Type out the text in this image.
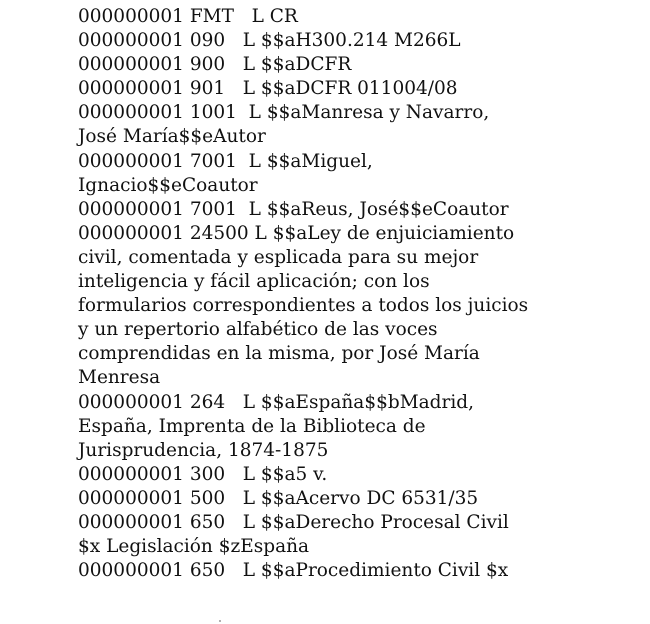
000000001 FMT   L CR
000000001 090   L $$aH300.214 M266L
000000001 900   L $$aDCFR
000000001 901   L $$aDCFR 011004/08
000000001 1001  L $$aManresa y Navarro,
José María$$eAutor
000000001 7001  L $$aMiguel,
Ignacio$$eCoautor
000000001 7001  L $$aReus, José$$eCoautor
000000001 24500 L $$aLey de enjuiciamiento
civil, comentada y esplicada para su mejor
inteligencia y fácil aplicación; con los
formularios correspondientes a todos los juicios
y un repertorio alfabético de las voces
comprendidas en la misma, por José María
Menresa
000000001 264   L $$aEspaña$$bMadrid,
España, Imprenta de la Biblioteca de
Jurisprudencia, 1874-1875
000000001 300   L $$a5 v.
000000001 500   L $$aAcervo DC 6531/35
000000001 650   L $$aDerecho Procesal Civil
$x Legislación $zEspaña
000000001 650   L $$aProcedimiento Civil $x
